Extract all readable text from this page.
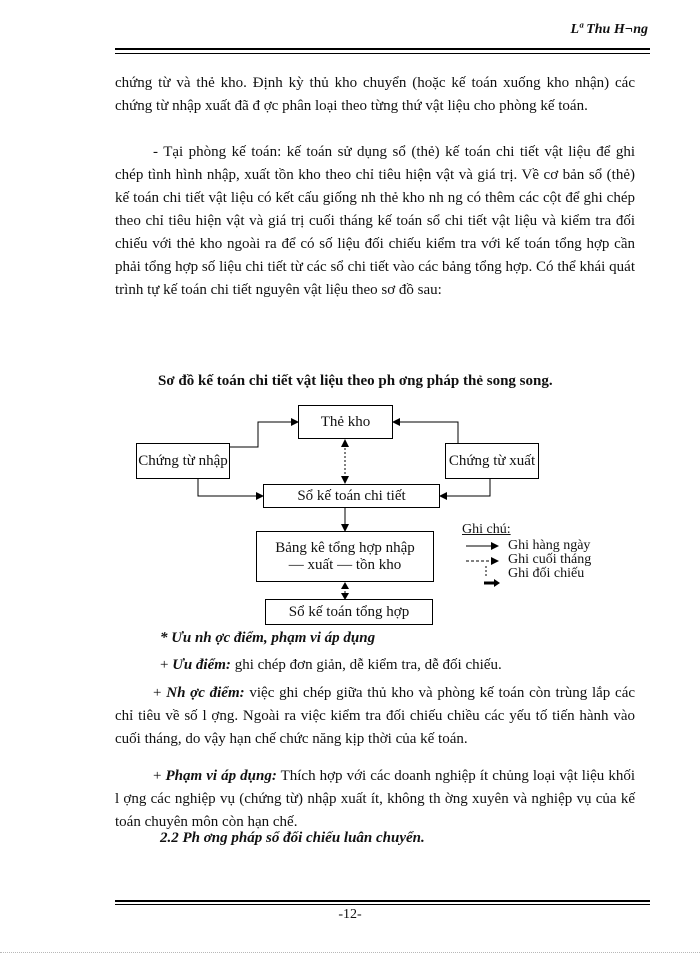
Lª Thu H¬ng

chứng từ và thẻ kho. Định kỳ thủ kho chuyển (hoặc kế toán xuống kho nhận) các chứng từ nhập xuất đã đ ợc phân loại theo từng thứ vật liệu cho phòng kế toán.

- Tại phòng kế toán: kế toán sử dụng sổ (thẻ) kế toán chi tiết vật liệu để ghi chép tình hình nhập, xuất tồn kho theo chỉ tiêu hiện vật và giá trị. Về cơ bản sổ (thẻ) kế toán chi tiết vật liệu có kết cấu giống nh thẻ kho nh ng có thêm các cột để ghi chép theo chỉ tiêu hiện vật và giá trị cuối tháng kế toán sổ chi tiết vật liệu và kiểm tra đối chiếu với thẻ kho ngoài ra để có số liệu đối chiếu kiểm tra với kế toán tổng hợp cần phải tổng hợp số liệu chi tiết từ các sổ chi tiết vào các bảng tổng hợp. Có thể khái quát trình tự kế toán chi tiết nguyên vật liệu theo sơ đồ sau:

Sơ đồ kế toán chi tiết vật liệu theo ph ơng pháp thẻ song song.
Thẻ kho
Chứng từ nhập	Chứng từ xuất
Sổ kế toán chi tiết
Bảng kê tổng hợp nhập
— xuất — tồn kho
Sổ kế toán tổng hợp
Ghi chú:
Ghi hàng ngày
Ghi cuối tháng
Ghi đối chiếu
* Ưu nh ợc điểm, phạm vi áp dụng
+ Ưu điểm: ghi chép đơn giản, dễ kiểm tra, dễ đối chiếu.

+ Nh ợc điểm: việc ghi chép giữa thủ kho và phòng kế toán còn trùng lắp các chỉ tiêu về số l ợng. Ngoài ra việc kiểm tra đối chiếu chiều các yếu tố tiến hành vào cuối tháng, do vậy hạn chế chức năng kịp thời của kế toán.

+ Phạm vi áp dụng: Thích hợp với các doanh nghiệp ít chủng loại vật liệu khối l ợng các nghiệp vụ (chứng từ) nhập xuất ít, không th ờng xuyên và nghiệp vụ của kế toán chuyên môn còn hạn chế.

2.2 Ph ơng pháp sổ đối chiếu luân chuyển.
-12-
